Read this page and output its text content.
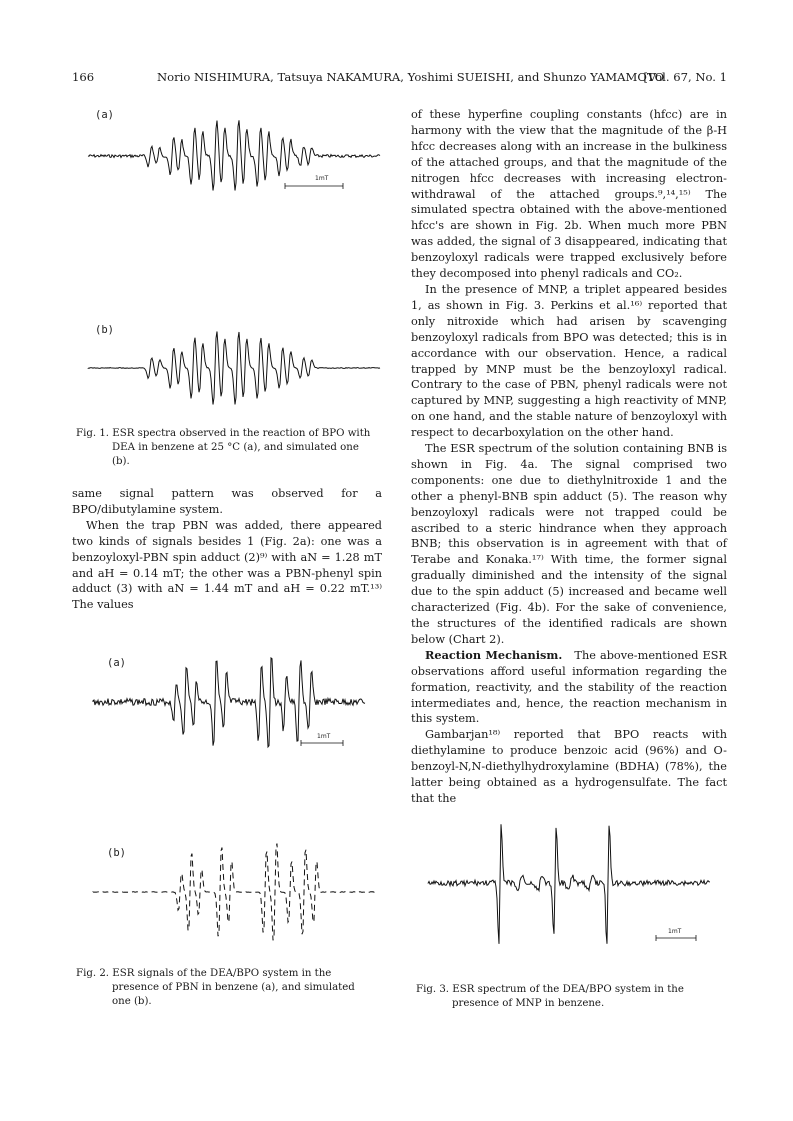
166	Norio NISHIMURA, Tatsuya NAKAMURA, Yoshimi SUEISHI, and Shunzo YAMAMOTO
[Vol. 67, No. 1
(a)
1mT
(b)

Fig. 1. ESR spectra observed in the reaction of BPO with DEA in benzene at 25 °C (a), and simulated one (b).

same signal pattern was observed for a BPO/dibutylamine system.

When the trap PBN was added, there appeared two kinds of signals besides 1 (Fig. 2a): one was a benzoyloxyl-PBN spin adduct (2)⁹⁾ with aN = 1.28 mT and aH = 0.14 mT; the other was a PBN-phenyl spin adduct (3) with aN = 1.44 mT and aH = 0.22 mT.¹³⁾ The values

(a)
1mT
(b)

Fig. 2. ESR signals of the DEA/BPO system in the presence of PBN in benzene (a), and simulated one (b).

of these hyperfine coupling constants (hfcc) are in harmony with the view that the magnitude of the β-H hfcc decreases along with an increase in the bulkiness of the attached groups, and that the magnitude of the nitrogen hfcc decreases with increasing electron-withdrawal of the attached groups.⁹,¹⁴,¹⁵⁾ The simulated spectra obtained with the above-mentioned hfcc's are shown in Fig. 2b. When much more PBN was added, the signal of 3 disappeared, indicating that benzoyloxyl radicals were trapped exclusively before they decomposed into phenyl radicals and CO₂.

In the presence of MNP, a triplet appeared besides 1, as shown in Fig. 3. Perkins et al.¹⁶⁾ reported that only nitroxide which had arisen by scavenging benzoyloxyl radicals from BPO was detected; this is in accordance with our observation. Hence, a radical trapped by MNP must be the benzoyloxyl radical. Contrary to the case of PBN, phenyl radicals were not captured by MNP, suggesting a high reactivity of MNP, on one hand, and the stable nature of benzoyloxyl with respect to decarboxylation on the other hand.

The ESR spectrum of the solution containing BNB is shown in Fig. 4a. The signal comprised two components: one due to diethylnitroxide 1 and the other a phenyl-BNB spin adduct (5). The reason why benzoyloxyl radicals were not trapped could be ascribed to a steric hindrance when they approach BNB; this observation is in agreement with that of Terabe and Konaka.¹⁷⁾ With time, the former signal gradually diminished and the intensity of the signal due to the spin adduct (5) increased and became well characterized (Fig. 4b). For the sake of convenience, the structures of the identified radicals are shown below (Chart 2).

Reaction Mechanism. The above-mentioned ESR observations afford useful information regarding the formation, reactivity, and the stability of the reaction intermediates and, hence, the reaction mechanism in this system.

Gambarjan¹⁸⁾ reported that BPO reacts with diethylamine to produce benzoic acid (96%) and O-benzoyl-N,N-diethylhydroxylamine (BDHA) (78%), the latter being obtained as a hydrogensulfate. The fact that the

1mT

Fig. 3. ESR spectrum of the DEA/BPO system in the presence of MNP in benzene.
